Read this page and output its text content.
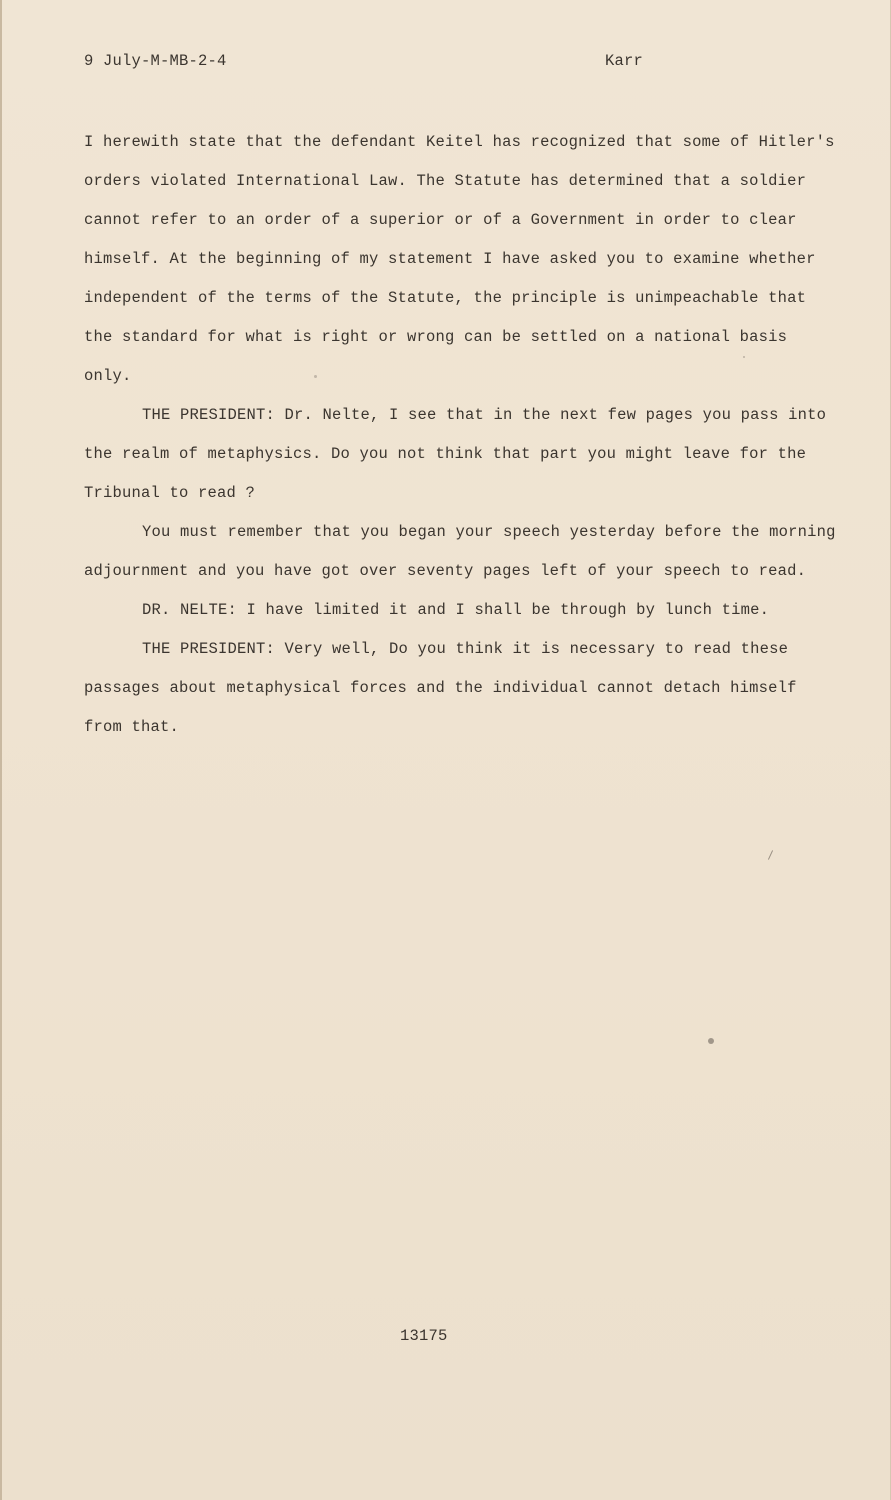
9 July-M-MB-2-4	Karr
I herewith state that the defendant Keitel has recognized that some of Hitler's orders violated International Law. The Statute has determined that a soldier cannot refer to an order of a superior or of a Government in order to clear himself. At the beginning of my statement I have asked you to examine whether independent of the terms of the Statute, the principle is unimpeachable that the standard for what is right or wrong can be settled on a national basis only.
THE PRESIDENT: Dr. Nelte, I see that in the next few pages you pass into the realm of metaphysics. Do you not think that part you might leave for the Tribunal to read ?
You must remember that you began your speech yesterday before the morning adjournment and you have got over seventy pages left of your speech to read.
DR. NELTE: I have limited it and I shall be through by lunch time.
THE PRESIDENT: Very well, Do you think it is necessary to read these passages about metaphysical forces and the individual cannot detach himself from that.
13175
